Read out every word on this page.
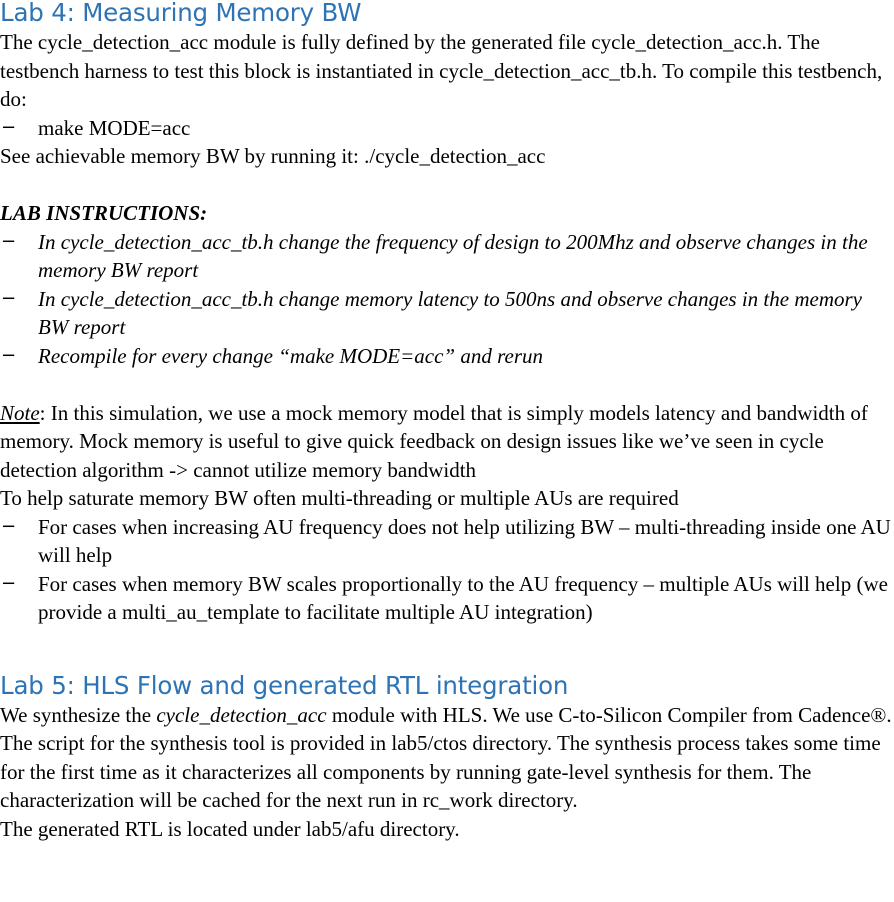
Lab 4: Measuring Memory BW

The cycle_detection_acc module is fully defined by the generated file cycle_detection_acc.h. The testbench harness to test this block is instantiated in cycle_detection_acc_tb.h. To compile this testbench, do:

− make MODE=acc

See achievable memory BW by running it: ./cycle_detection_acc

LAB INSTRUCTIONS:

− In cycle_detection_acc_tb.h change the frequency of design to 200Mhz and observe changes in the memory BW report
− In cycle_detection_acc_tb.h change memory latency to 500ns and observe changes in the memory BW report
− Recompile for every change “make MODE=acc” and rerun

Note: In this simulation, we use a mock memory model that is simply models latency and bandwidth of memory. Mock memory is useful to give quick feedback on design issues like we’ve seen in cycle detection algorithm -> cannot utilize memory bandwidth

To help saturate memory BW often multi-threading or multiple AUs are required

− For cases when increasing AU frequency does not help utilizing BW – multi-threading inside one AU will help
− For cases when memory BW scales proportionally to the AU frequency – multiple AUs will help (we provide a multi_au_template to facilitate multiple AU integration)
Lab 5: HLS Flow and generated RTL integration

We synthesize the cycle_detection_acc module with HLS. We use C-to-Silicon Compiler from Cadence®. The script for the synthesis tool is provided in lab5/ctos directory. The synthesis process takes some time for the first time as it characterizes all components by running gate-level synthesis for them. The characterization will be cached for the next run in rc_work directory.

The generated RTL is located under lab5/afu directory.
